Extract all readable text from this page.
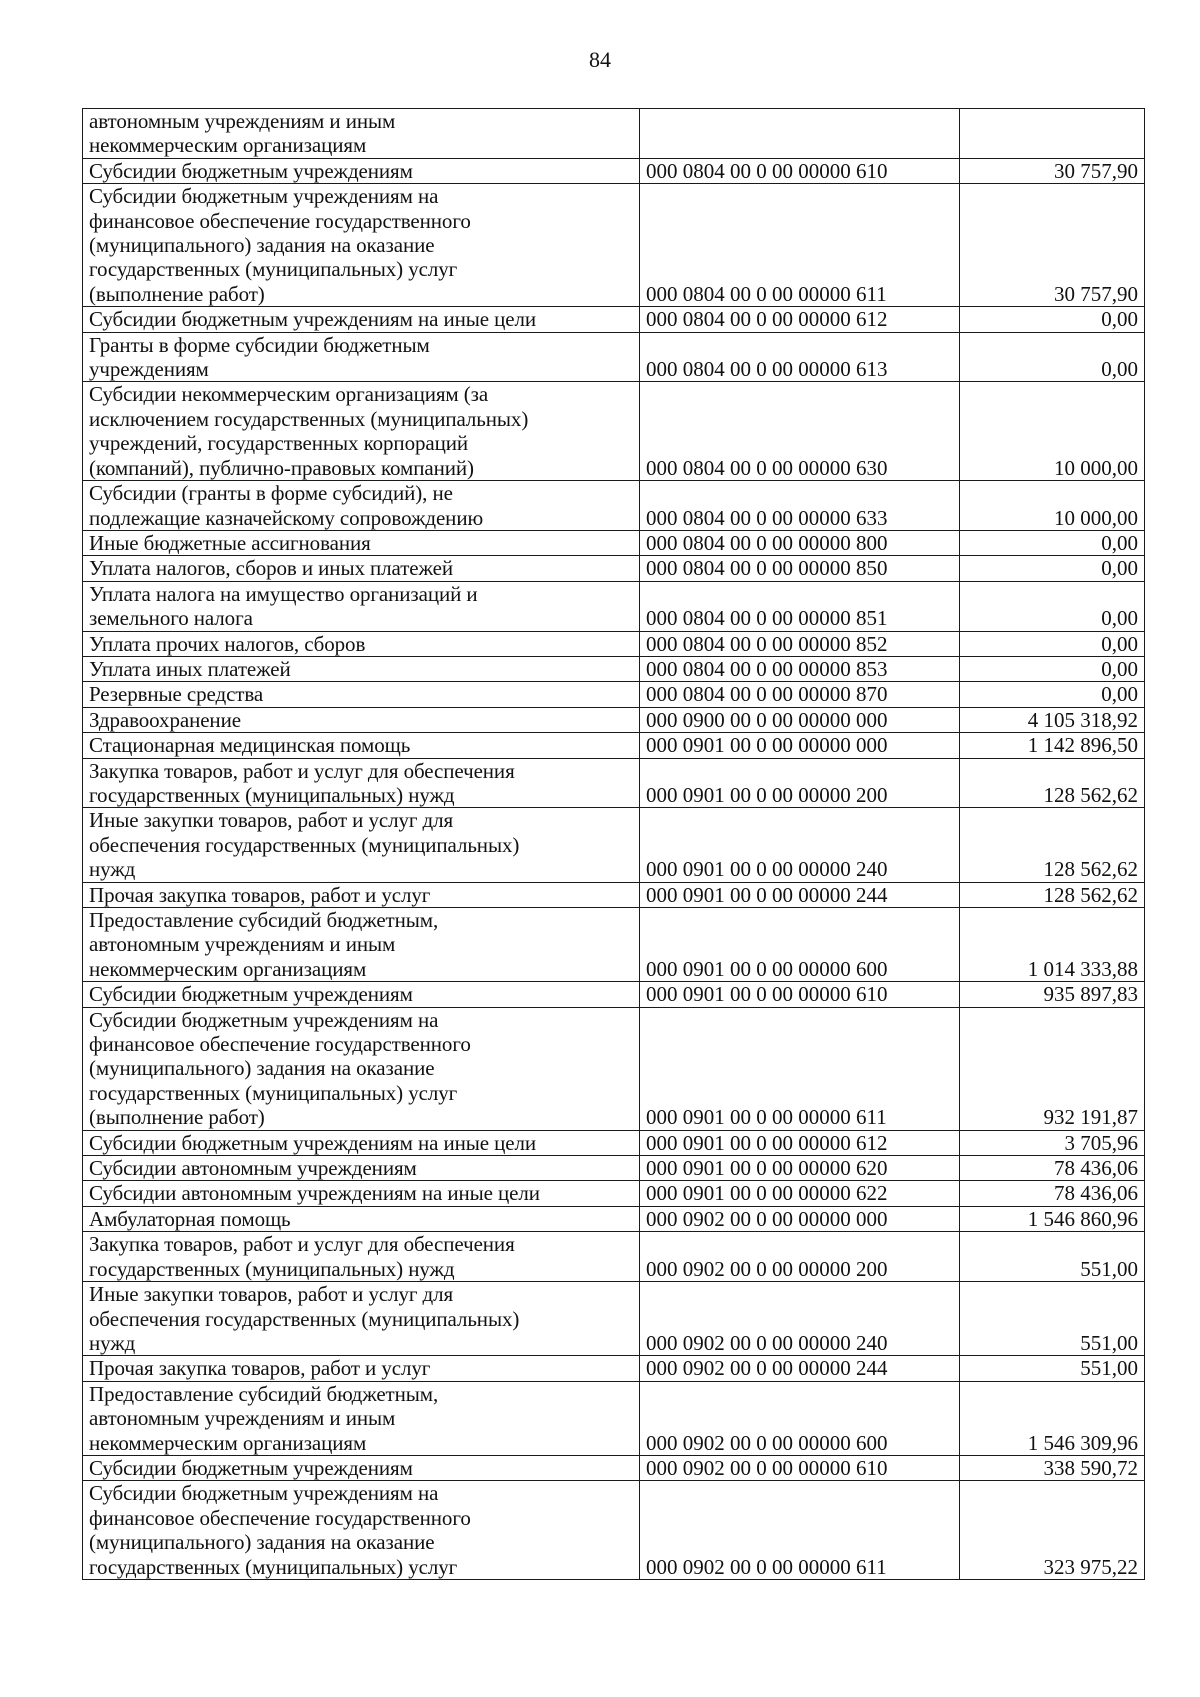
84
автономным учреждениям и иным
некоммерческим организациям		
Субсидии бюджетным учреждениям	000 0804 00 0 00 00000 610	30 757,90
Субсидии бюджетным учреждениям на
финансовое обеспечение государственного
(муниципального) задания на оказание
государственных (муниципальных) услуг
(выполнение работ)	000 0804 00 0 00 00000 611	30 757,90
Субсидии бюджетным учреждениям на иные цели	000 0804 00 0 00 00000 612	0,00
Гранты в форме субсидии бюджетным
учреждениям	000 0804 00 0 00 00000 613	0,00
Субсидии некоммерческим организациям (за
исключением государственных (муниципальных)
учреждений, государственных корпораций
(компаний), публично-правовых компаний)	000 0804 00 0 00 00000 630	10 000,00
Субсидии (гранты в форме субсидий), не
подлежащие казначейскому сопровождению	000 0804 00 0 00 00000 633	10 000,00
Иные бюджетные ассигнования	000 0804 00 0 00 00000 800	0,00
Уплата налогов, сборов и иных платежей	000 0804 00 0 00 00000 850	0,00
Уплата налога на имущество организаций и
земельного налога	000 0804 00 0 00 00000 851	0,00
Уплата прочих налогов, сборов	000 0804 00 0 00 00000 852	0,00
Уплата иных платежей	000 0804 00 0 00 00000 853	0,00
Резервные средства	000 0804 00 0 00 00000 870	0,00
Здравоохранение	000 0900 00 0 00 00000 000	4 105 318,92
Стационарная медицинская помощь	000 0901 00 0 00 00000 000	1 142 896,50
Закупка товаров, работ и услуг для обеспечения
государственных (муниципальных) нужд	000 0901 00 0 00 00000 200	128 562,62
Иные закупки товаров, работ и услуг для
обеспечения государственных (муниципальных)
нужд	000 0901 00 0 00 00000 240	128 562,62
Прочая закупка товаров, работ и услуг	000 0901 00 0 00 00000 244	128 562,62
Предоставление субсидий бюджетным,
автономным учреждениям и иным
некоммерческим организациям	000 0901 00 0 00 00000 600	1 014 333,88
Субсидии бюджетным учреждениям	000 0901 00 0 00 00000 610	935 897,83
Субсидии бюджетным учреждениям на
финансовое обеспечение государственного
(муниципального) задания на оказание
государственных (муниципальных) услуг
(выполнение работ)	000 0901 00 0 00 00000 611	932 191,87
Субсидии бюджетным учреждениям на иные цели	000 0901 00 0 00 00000 612	3 705,96
Субсидии автономным учреждениям	000 0901 00 0 00 00000 620	78 436,06
Субсидии автономным учреждениям на иные цели	000 0901 00 0 00 00000 622	78 436,06
Амбулаторная помощь	000 0902 00 0 00 00000 000	1 546 860,96
Закупка товаров, работ и услуг для обеспечения
государственных (муниципальных) нужд	000 0902 00 0 00 00000 200	551,00
Иные закупки товаров, работ и услуг для
обеспечения государственных (муниципальных)
нужд	000 0902 00 0 00 00000 240	551,00
Прочая закупка товаров, работ и услуг	000 0902 00 0 00 00000 244	551,00
Предоставление субсидий бюджетным,
автономным учреждениям и иным
некоммерческим организациям	000 0902 00 0 00 00000 600	1 546 309,96
Субсидии бюджетным учреждениям	000 0902 00 0 00 00000 610	338 590,72
Субсидии бюджетным учреждениям на
финансовое обеспечение государственного
(муниципального) задания на оказание
государственных (муниципальных) услуг	000 0902 00 0 00 00000 611	323 975,22
